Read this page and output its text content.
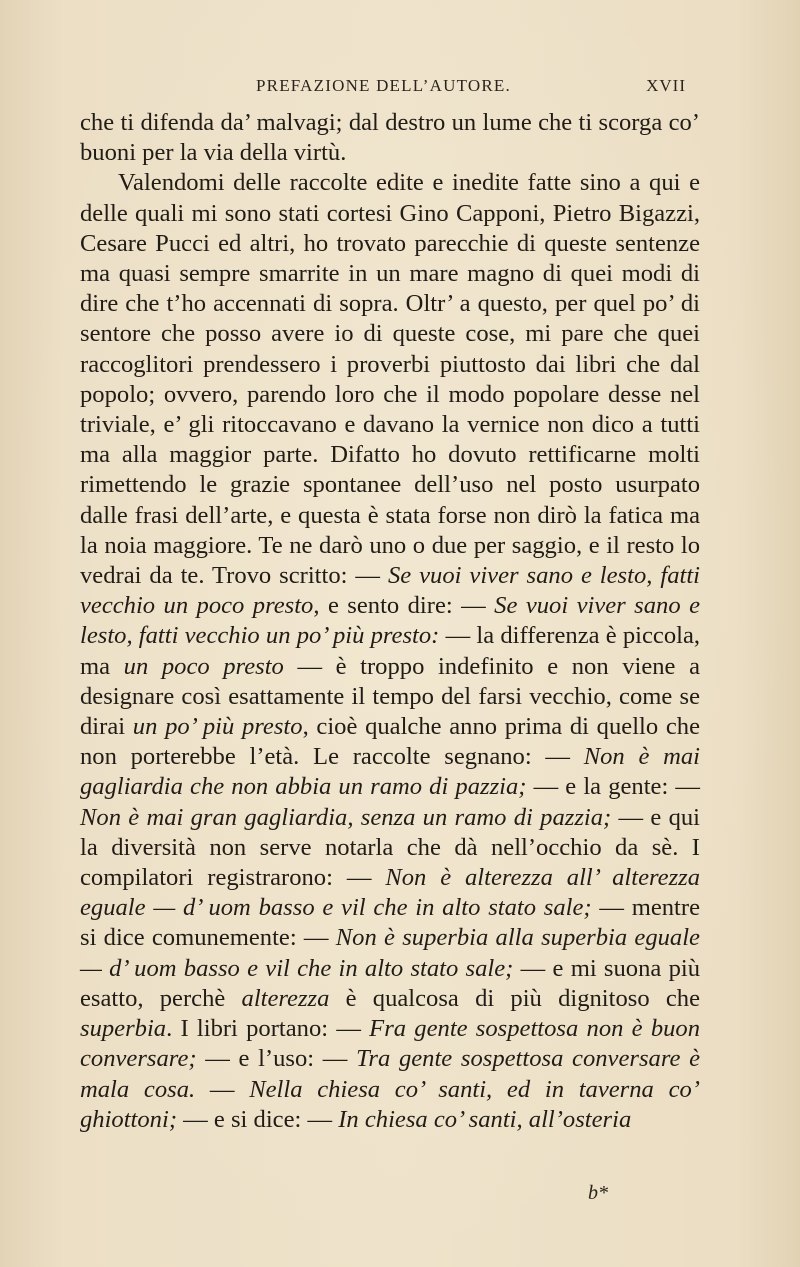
PREFAZIONE DELL’AUTORE.	XVII

che ti difenda da’ malvagi; dal destro un lume che ti scorga co’ buoni per la via della virtù.

Valendomi delle raccolte edite e inedite fatte sino a qui e delle quali mi sono stati cortesi Gino Capponi, Pietro Bigazzi, Cesare Pucci ed altri, ho trovato parecchie di queste sentenze ma quasi sempre smarrite in un mare magno di quei modi di dire che t’ho accennati di sopra. Oltr’ a questo, per quel po’ di sentore che posso avere io di queste cose, mi pare che quei raccoglitori prendessero i proverbi piuttosto dai libri che dal popolo; ovvero, parendo loro che il modo popolare desse nel triviale, e’ gli ritoccavano e davano la vernice non dico a tutti ma alla maggior parte. Difatto ho dovuto rettificarne molti rimettendo le grazie spontanee dell’uso nel posto usurpato dalle frasi dell’arte, e questa è stata forse non dirò la fatica ma la noia maggiore. Te ne darò uno o due per saggio, e il resto lo vedrai da te. Trovo scritto: — Se vuoi viver sano e lesto, fatti vecchio un poco presto, e sento dire: — Se vuoi viver sano e lesto, fatti vecchio un po’ più presto: — la differenza è piccola, ma un poco presto — è troppo indefinito e non viene a designare così esattamente il tempo del farsi vecchio, come se dirai un po’ più presto, cioè qualche anno prima di quello che non porterebbe l’età. Le raccolte segnano: — Non è mai gagliardia che non abbia un ramo di pazzia; — e la gente: — Non è mai gran gagliardia, senza un ramo di pazzia; — e qui la diversità non serve notarla che dà nell’occhio da sè. I compilatori registrarono: — Non è alterezza all’ alterezza eguale — d’ uom basso e vil che in alto stato sale; — mentre si dice comunemente: — Non è superbia alla superbia eguale — d’ uom basso e vil che in alto stato sale; — e mi suona più esatto, perchè alterezza è qualcosa di più dignitoso che superbia. I libri portano: — Fra gente sospettosa non è buon conversare; — e l’uso: — Tra gente sospettosa conversare è mala cosa. — Nella chiesa co’ santi, ed in taverna co’ ghiottoni; — e si dice: — In chiesa co’ santi, all’osteria

b*
